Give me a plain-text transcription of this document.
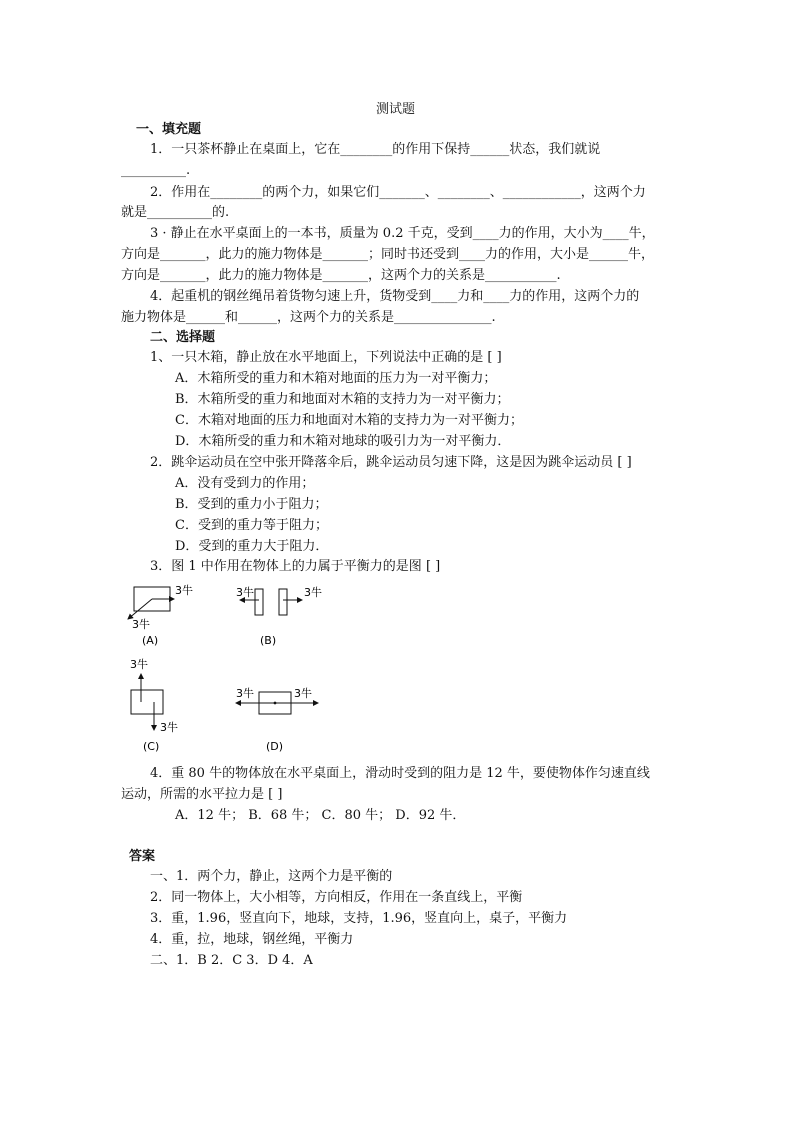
测试题
一、填充题
1．一只茶杯静止在桌面上，它在________的作用下保持______状态，我们就说
__________.
2．作用在________的两个力，如果它们_______、________、____________，这两个力
就是__________的.
3 · 静止在水平桌面上的一本书，质量为 0.2 千克，受到____力的作用，大小为____牛，
方向是_______，此力的施力物体是_______；同时书还受到____力的作用，大小是______牛，
方向是_______，此力的施力物体是_______，这两个力的关系是___________.
4．起重机的钢丝绳吊着货物匀速上升，货物受到____力和____力的作用，这两个力的
施力物体是______和______，这两个力的关系是_______________.
二、选择题
1、一只木箱，静止放在水平地面上，下列说法中正确的是 [ ]
A．木箱所受的重力和木箱对地面的压力为一对平衡力；
B．木箱所受的重力和地面对木箱的支持力为一对平衡力；
C．木箱对地面的压力和地面对木箱的支持力为一对平衡力；
D．木箱所受的重力和木箱对地球的吸引力为一对平衡力．
2．跳伞运动员在空中张开降落伞后，跳伞运动员匀速下降，这是因为跳伞运动员 [ ]
A．没有受到力的作用；
B．受到的重力小于阻力；
C．受到的重力等于阻力；
D．受到的重力大于阻力．
3．图 1 中作用在物体上的力属于平衡力的是图 [ ]
3牛
3牛
(A)
3牛	3牛
(B)
3牛
3牛
(C)
3牛	3牛
(D)
4．重 80 牛的物体放在水平桌面上，滑动时受到的阻力是 12 牛，要使物体作匀速直线
运动，所需的水平拉力是 [ ]
A．12 牛； B．68 牛； C．80 牛； D．92 牛．
答案
一、1．两个力，静止，这两个力是平衡的
2．同一物体上，大小相等，方向相反，作用在一条直线上，平衡
3．重，1.96，竖直向下，地球，支持，1.96，竖直向上，桌子，平衡力
4．重，拉，地球，钢丝绳，平衡力
二、1．B 2．C 3．D 4．A
